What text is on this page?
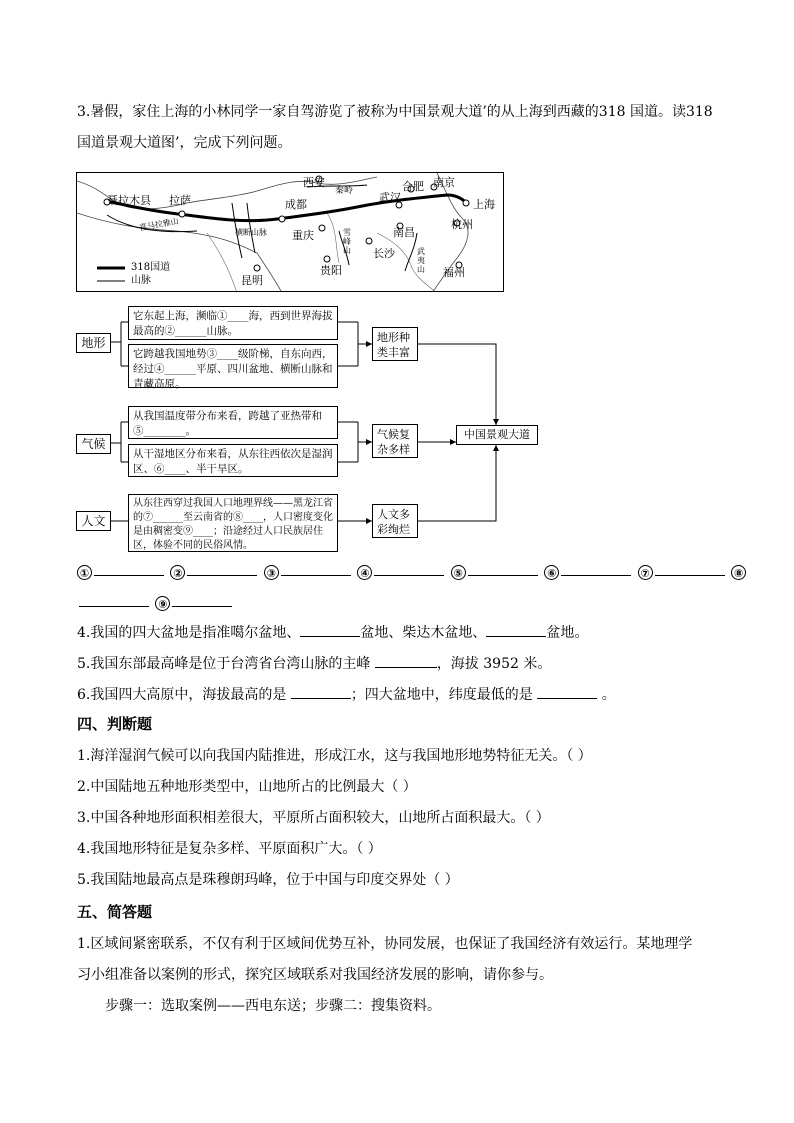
3.暑假，家住上海的小林同学一家自驾游览了被称为中国景观大道’的从上海到西藏的318 国道。读318
国道景观大道图’，完成下列问题。
聂拉木县 拉萨
西安
秦岭	合肥 南京
武汉
上海
成都
重庆	南昌
杭州
长沙
福州
贵阳
昆明
喜马拉雅山
横断山脉	雪峰山	武夷山
318国道
山脉
地形
气候
人文
它东起上海，濒临①____海，西到世界海拔最高的②______山脉。
它跨越我国地势③____级阶梯，自东向西，经过④______平原、四川盆地、横断山脉和青藏高原。
从我国温度带分布来看，跨越了亚热带和⑤________。
从干湿地区分布来看，从东往西依次是湿润区、⑥____、半干旱区。
从东往西穿过我国人口地理界线——黑龙江省的⑦______至云南省的⑧____，人口密度变化是由稠密变⑨____；沿途经过人口民族居住区，体验不同的民俗风情。
地形种类丰富
气候复杂多样
人文多彩绚烂
中国景观大道
①	②	③	④	⑤	⑥	⑦	⑧
⑨
4.我国的四大盆地是指准噶尔盆地、	盆地、柴达木盆地、	盆地。
5.我国东部最高峰是位于台湾省台湾山脉的主峰	，海拔 3952 米。
6.我国四大高原中，海拔最高的是	；四大盆地中，纬度最低的是	。
四、判断题
1.海洋湿润气候可以向我国内陆推进，形成江水，这与我国地形地势特征无关。（ ）
2.中国陆地五种地形类型中，山地所占的比例最大（ ）
3.中国各种地形面积相差很大，平原所占面积较大，山地所占面积最大。（ ）
4.我国地形特征是复杂多样、平原面积广大。（ ）
5.我国陆地最高点是珠穆朗玛峰，位于中国与印度交界处（ ）
五、简答题
1.区域间紧密联系，不仅有利于区域间优势互补，协同发展，也保证了我国经济有效运行。某地理学
习小组准备以案例的形式，探究区域联系对我国经济发展的影响，请你参与。
步骤一：选取案例——西电东送；步骤二：搜集资料。
